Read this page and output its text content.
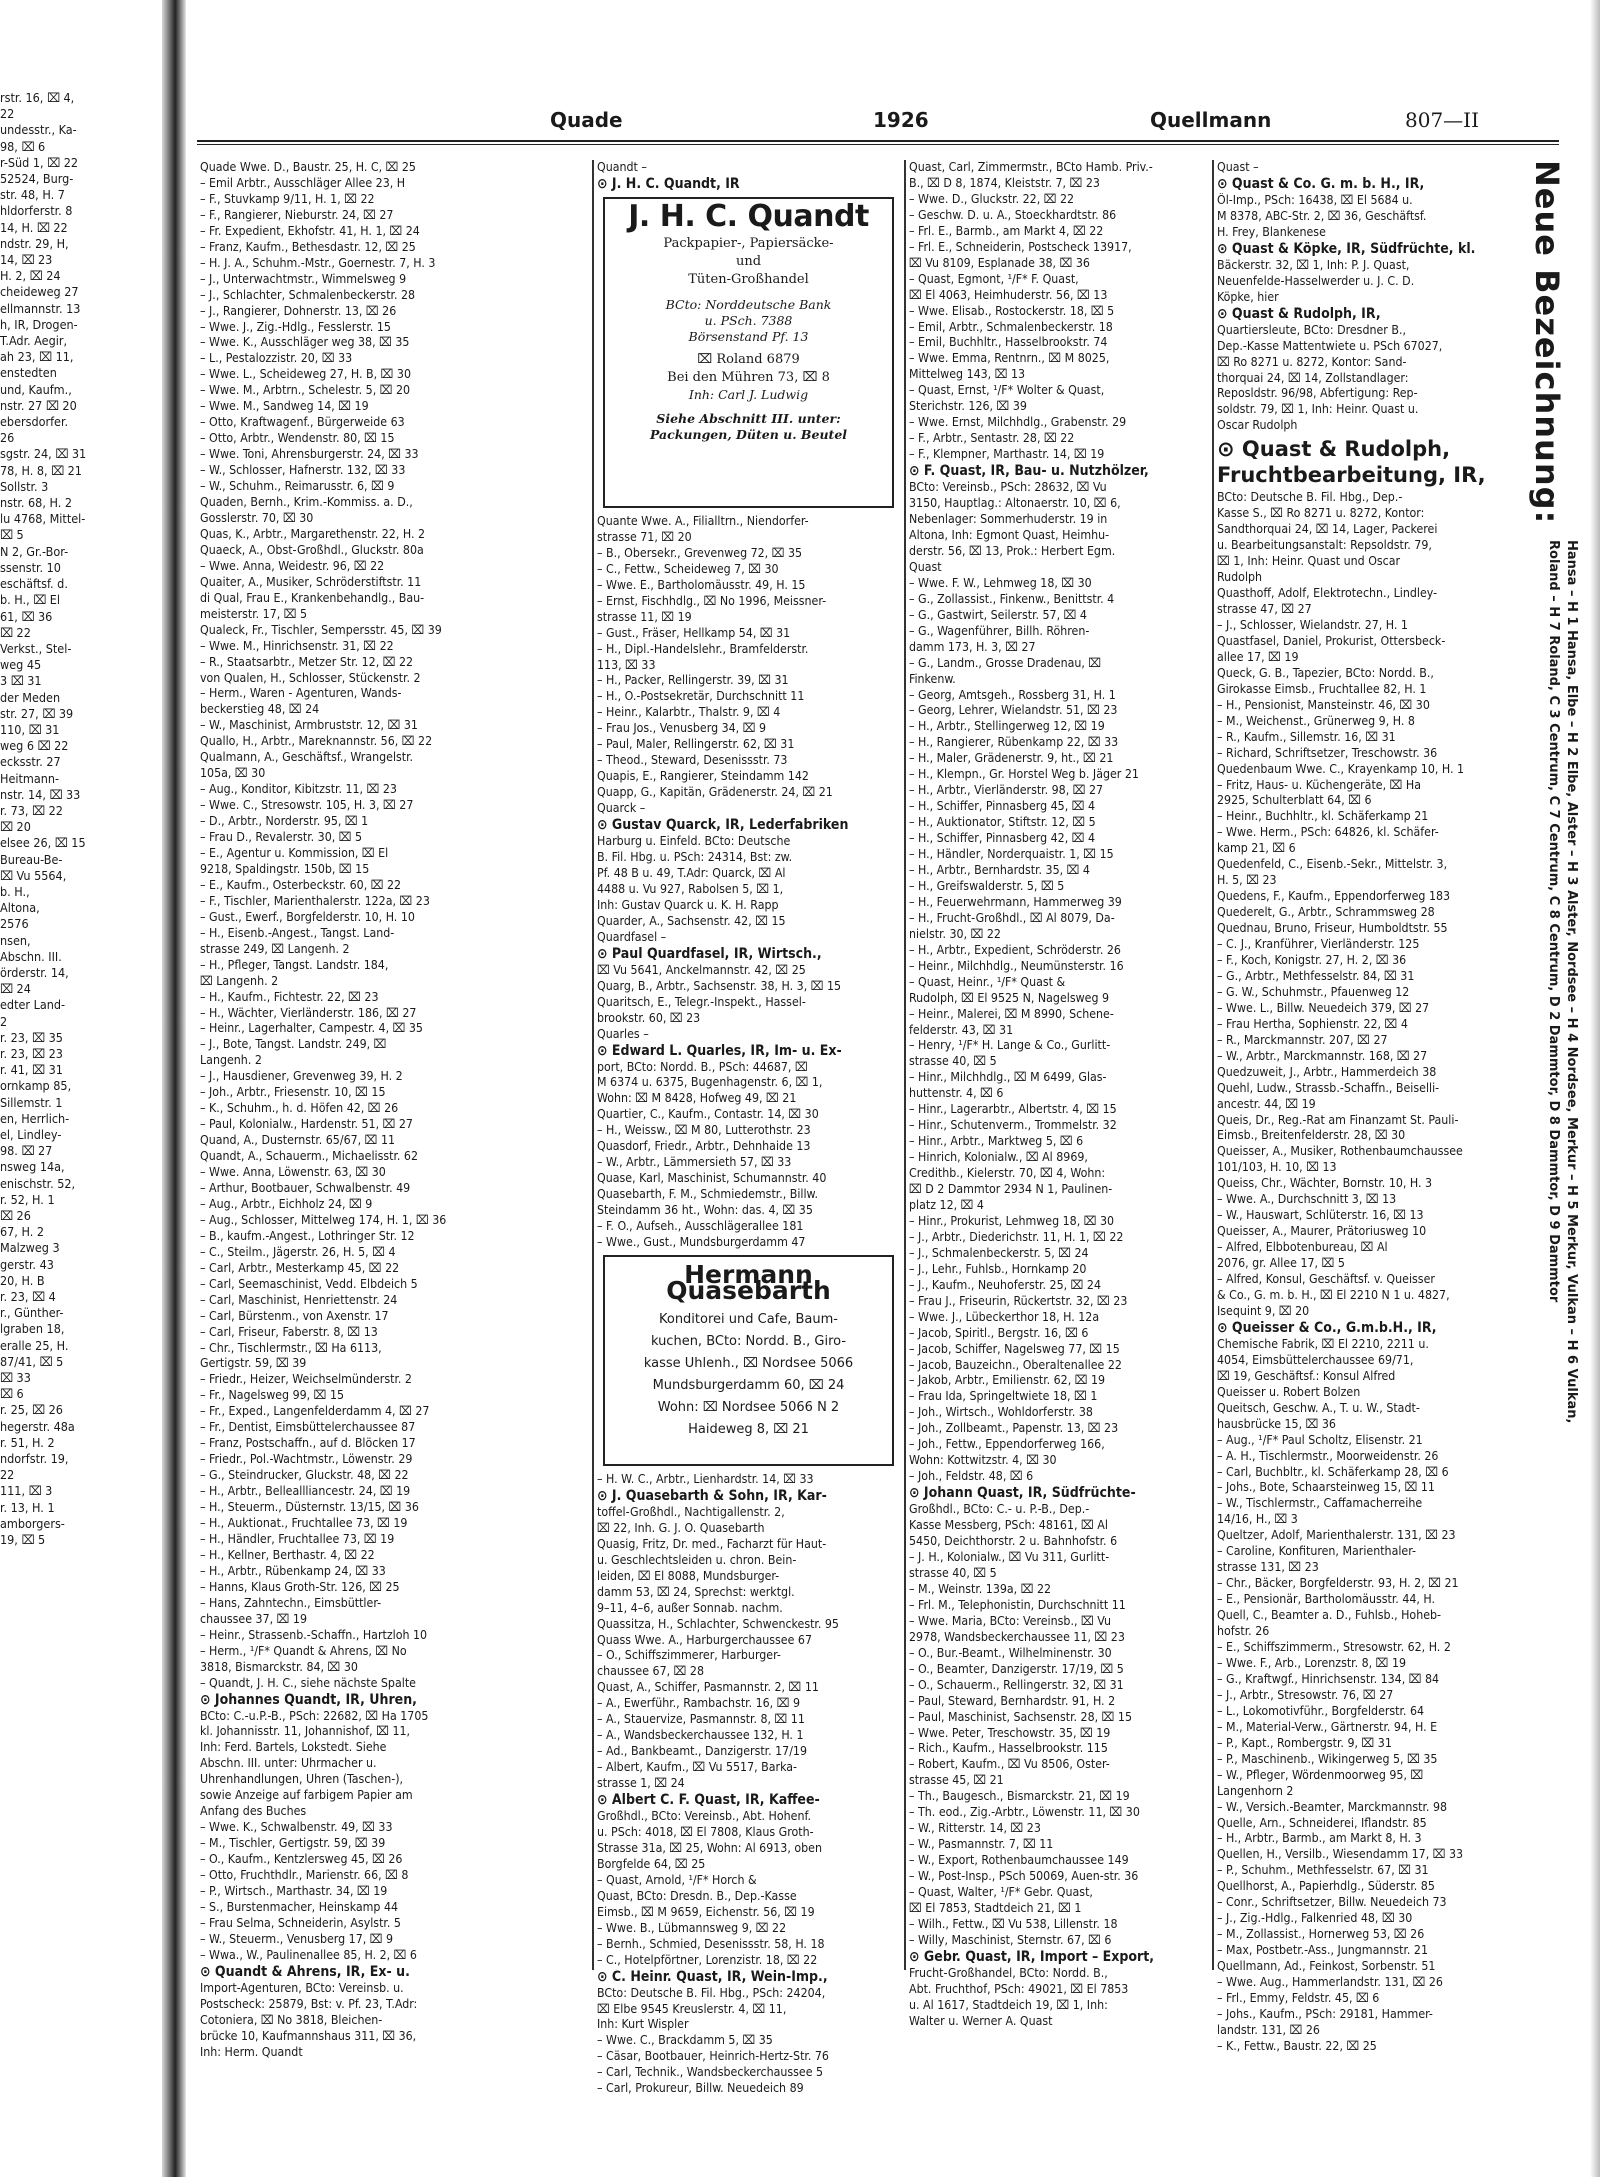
rstr. 16, ⌧ 4,
22
undesstr., Ka-
98, ⌧ 6
r-Süd 1, ⌧ 22
52524, Burg-
str. 48, H. 7
hldorferstr. 8
14, H. ⌧ 22
ndstr. 29, H,
14, ⌧ 23
H. 2, ⌧ 24
cheideweg 27
ellmannstr. 13
h, IR, Drogen-
T.Adr. Aegir,
ah 23, ⌧ 11,
enstedten
und, Kaufm.,
nstr. 27 ⌧ 20
ebersdorfer.
26
sgstr. 24, ⌧ 31
78, H. 8, ⌧ 21
Sollstr. 3
nstr. 68, H. 2
lu 4768, Mittel-
⌧ 5
N 2, Gr.-Bor-
ssenstr. 10
eschäftsf. d.
b. H., ⌧ El
61, ⌧ 36
⌧ 22
Verkst., Stel-
weg 45
3 ⌧ 31
der Meden
str. 27, ⌧ 39
110, ⌧ 31
weg 6 ⌧ 22
ecksstr. 27
Heitmann-
nstr. 14, ⌧ 33
r. 73, ⌧ 22
⌧ 20
elsee 26, ⌧ 15
Bureau-Be-
⌧ Vu 5564,
b. H.,
Altona,
2576
nsen,
Abschn. III.
örderstr. 14,
⌧ 24
edter Land-
2
r. 23, ⌧ 35
r. 23, ⌧ 23
r. 41, ⌧ 31
ornkamp 85,
Sillemstr. 1
en, Herrlich-
el, Lindley-
98. ⌧ 27
nsweg 14a,
enischstr. 52,
r. 52, H. 1
⌧ 26
67, H. 2
Malzweg 3
gerstr. 43
20, H. B
r. 23, ⌧ 4
r., Günther-
lgraben 18,
eralle 25, H.
87/41, ⌧ 5
⌧ 33
⌧ 6
r. 25, ⌧ 26
hegerstr. 48a
r. 51, H. 2
ndorfstr. 19,
22
111, ⌧ 3
r. 13, H. 1
amborgers-
19, ⌧ 5
Quade	1926	Quellmann	807—II
Quade Wwe. D., Baustr. 25, H. C, ⌧ 25
– Emil Arbtr., Ausschläger Allee 23, H
– F., Stuvkamp 9/11, H. 1, ⌧ 22
– F., Rangierer, Nieburstr. 24, ⌧ 27
– Fr. Expedient, Ekhofstr. 41, H. 1, ⌧ 24
– Franz, Kaufm., Bethesdastr. 12, ⌧ 25
– H. J. A., Schuhm.-Mstr., Goernestr. 7, H. 3
– J., Unterwachtmstr., Wimmelsweg 9
– J., Schlachter, Schmalenbeckerstr. 28
– J., Rangierer, Dohnerstr. 13, ⌧ 26
– Wwe. J., Zig.-Hdlg., Fesslerstr. 15
– Wwe. K., Ausschläger weg 38, ⌧ 35
– L., Pestalozzistr. 20, ⌧ 33
– Wwe. L., Scheideweg 27, H. B, ⌧ 30
– Wwe. M., Arbtrn., Schelestr. 5, ⌧ 20
– Wwe. M., Sandweg 14, ⌧ 19
– Otto, Kraftwagenf., Bürgerweide 63
– Otto, Arbtr., Wendenstr. 80, ⌧ 15
– Wwe. Toni, Ahrensburgerstr. 24, ⌧ 33
– W., Schlosser, Hafnerstr. 132, ⌧ 33
– W., Schuhm., Reimarusstr. 6, ⌧ 9
Quaden, Bernh., Krim.-Kommiss. a. D.,
Gosslerstr. 70, ⌧ 30
Quas, K., Arbtr., Margarethenstr. 22, H. 2
Quaeck, A., Obst-Großhdl., Gluckstr. 80a
– Wwe. Anna, Weidestr. 96, ⌧ 22
Quaiter, A., Musiker, Schröderstiftstr. 11
di Qual, Frau E., Krankenbehandlg., Bau-
meisterstr. 17, ⌧ 5
Qualeck, Fr., Tischler, Sempersstr. 45, ⌧ 39
– Wwe. M., Hinrichsenstr. 31, ⌧ 22
– R., Staatsarbtr., Metzer Str. 12, ⌧ 22
von Qualen, H., Schlosser, Stückenstr. 2
– Herm., Waren - Agenturen, Wands-
beckerstieg 48, ⌧ 24
– W., Maschinist, Armbruststr. 12, ⌧ 31
Quallo, H., Arbtr., Mareknannstr. 56, ⌧ 22
Qualmann, A., Geschäftsf., Wrangelstr.
105a, ⌧ 30
– Aug., Konditor, Kibitzstr. 11, ⌧ 23
– Wwe. C., Stresowstr. 105, H. 3, ⌧ 27
– D., Arbtr., Norderstr. 95, ⌧ 1
– Frau D., Revalerstr. 30, ⌧ 5
– E., Agentur u. Kommission, ⌧ El
9218, Spaldingstr. 150b, ⌧ 15
– E., Kaufm., Osterbeckstr. 60, ⌧ 22
– F., Tischler, Marienthalerstr. 122a, ⌧ 23
– Gust., Ewerf., Borgfelderstr. 10, H. 10
– H., Eisenb.-Angest., Tangst. Land-
strasse 249, ⌧ Langenh. 2
– H., Pfleger, Tangst. Landstr. 184,
⌧ Langenh. 2
– H., Kaufm., Fichtestr. 22, ⌧ 23
– H., Wächter, Vierländerstr. 186, ⌧ 27
– Heinr., Lagerhalter, Campestr. 4, ⌧ 35
– J., Bote, Tangst. Landstr. 249, ⌧
Langenh. 2
– J., Hausdiener, Grevenweg 39, H. 2
– Joh., Arbtr., Friesenstr. 10, ⌧ 15
– K., Schuhm., h. d. Höfen 42, ⌧ 26
– Paul, Kolonialw., Hardenstr. 51, ⌧ 27
Quand, A., Dusternstr. 65/67, ⌧ 11
Quandt, A., Schauerm., Michaelisstr. 62
– Wwe. Anna, Löwenstr. 63, ⌧ 30
– Arthur, Bootbauer, Schwalbenstr. 49
– Aug., Arbtr., Eichholz 24, ⌧ 9
– Aug., Schlosser, Mittelweg 174, H. 1, ⌧ 36
– B., kaufm.-Angest., Lothringer Str. 12
– C., Steilm., Jägerstr. 26, H. 5, ⌧ 4
– Carl, Arbtr., Mesterkamp 45, ⌧ 22
– Carl, Seemaschinist, Vedd. Elbdeich 5
– Carl, Maschinist, Henriettenstr. 24
– Carl, Bürstenm., von Axenstr. 17
– Carl, Friseur, Faberstr. 8, ⌧ 13
– Chr., Tischlermstr., ⌧ Ha 6113,
Gertigstr. 59, ⌧ 39
– Friedr., Heizer, Weichselmünderstr. 2
– Fr., Nagelsweg 99, ⌧ 15
– Fr., Exped., Langenfelderdamm 4, ⌧ 27
– Fr., Dentist, Eimsbüttelerchaussee 87
– Franz, Postschaffn., auf d. Blöcken 17
– Friedr., Pol.-Wachtmstr., Löwenstr. 29
– G., Steindrucker, Gluckstr. 48, ⌧ 22
– H., Arbtr., Belleallliancestr. 24, ⌧ 19
– H., Steuerm., Düsternstr. 13/15, ⌧ 36
– H., Auktionat., Fruchtallee 73, ⌧ 19
– H., Händler, Fruchtallee 73, ⌧ 19
– H., Kellner, Berthastr. 4, ⌧ 22
– H., Arbtr., Rübenkamp 24, ⌧ 33
– Hanns, Klaus Groth-Str. 126, ⌧ 25
– Hans, Zahntechn., Eimsbüttler-
chaussee 37, ⌧ 19
– Heinr., Strassenb.-Schaffn., Hartzloh 10
– Herm., ¹/F* Quandt & Ahrens, ⌧ No
3818, Bismarckstr. 84, ⌧ 30
– Quandt, J. H. C., siehe nächste Spalte
⊙ Johannes Quandt, IR, Uhren,
BCto: C.-u.P.-B., PSch: 22682, ⌧ Ha 1705
kl. Johannisstr. 11, Johannishof, ⌧ 11,
Inh: Ferd. Bartels, Lokstedt. Siehe
Abschn. III. unter: Uhrmacher u.
Uhrenhandlungen, Uhren (Taschen-),
sowie Anzeige auf farbigem Papier am
Anfang des Buches
– Wwe. K., Schwalbenstr. 49, ⌧ 33
– M., Tischler, Gertigstr. 59, ⌧ 39
– O., Kaufm., Kentzlersweg 45, ⌧ 26
– Otto, Fruchthdlr., Marienstr. 66, ⌧ 8
– P., Wirtsch., Marthastr. 34, ⌧ 19
– S., Burstenmacher, Heinskamp 44
– Frau Selma, Schneiderin, Asylstr. 5
– W., Steuerm., Venusberg 17, ⌧ 9
– Wwa., W., Paulinenallee 85, H. 2, ⌧ 6
⊙ Quandt & Ahrens, IR, Ex- u.
Import-Agenturen, BCto: Vereinsb. u.
Postscheck: 25879, Bst: v. Pf. 23, T.Adr:
Cotoniera, ⌧ No 3818, Bleichen-
brücke 10, Kaufmannshaus 311, ⌧ 36,
Inh: Herm. Quandt
Quandt –
⊙ J. H. C. Quandt, IR
J. H. C. Quandt
Packpapier-, Papiersäcke-
und
Tüten-Großhandel
BCto: Norddeutsche Bank
u. PSch. 7388
Börsenstand Pf. 13
⌧ Roland 6879
Bei den Mühren 73, ⌧ 8
Inh: Carl J. Ludwig
Siehe Abschnitt III. unter:
Packungen, Düten u. Beutel
Quante Wwe. A., Filialltrn., Niendorfer-
strasse 71, ⌧ 20
– B., Obersekr., Grevenweg 72, ⌧ 35
– C., Fettw., Scheideweg 7, ⌧ 30
– Wwe. E., Bartholomäusstr. 49, H. 15
– Ernst, Fischhdlg., ⌧ No 1996, Meissner-
strasse 11, ⌧ 19
– Gust., Fräser, Hellkamp 54, ⌧ 31
– H., Dipl.-Handelslehr., Bramfelderstr.
113, ⌧ 33
– H., Packer, Rellingerstr. 39, ⌧ 31
– H., O.-Postsekretär, Durchschnitt 11
– Heinr., Kalarbtr., Thalstr. 9, ⌧ 4
– Frau Jos., Venusberg 34, ⌧ 9
– Paul, Maler, Rellingerstr. 62, ⌧ 31
– Theod., Steward, Desenissstr. 73
Quapis, E., Rangierer, Steindamm 142
Quapp, G., Kapitän, Grädenerstr. 24, ⌧ 21
Quarck –
⊙ Gustav Quarck, IR, Lederfabriken
Harburg u. Einfeld. BCto: Deutsche
B. Fil. Hbg. u. PSch: 24314, Bst: zw.
Pf. 48 B u. 49, T.Adr: Quarck, ⌧ Al
4488 u. Vu 927, Rabolsen 5, ⌧ 1,
Inh: Gustav Quarck u. K. H. Rapp
Quarder, A., Sachsenstr. 42, ⌧ 15
Quardfasel –
⊙ Paul Quardfasel, IR, Wirtsch.,
⌧ Vu 5641, Anckelmannstr. 42, ⌧ 25
Quarg, B., Arbtr., Sachsenstr. 38, H. 3, ⌧ 15
Quaritsch, E., Telegr.-Inspekt., Hassel-
brookstr. 60, ⌧ 23
Quarles –
⊙ Edward L. Quarles, IR, Im- u. Ex-
port, BCto: Nordd. B., PSch: 44687, ⌧
M 6374 u. 6375, Bugenhagenstr. 6, ⌧ 1,
Wohn: ⌧ M 8428, Hofweg 49, ⌧ 21
Quartier, C., Kaufm., Contastr. 14, ⌧ 30
– H., Weissw., ⌧ M 80, Lutterothstr. 23
Quasdorf, Friedr., Arbtr., Dehnhaide 13
– W., Arbtr., Lämmersieth 57, ⌧ 33
Quase, Karl, Maschinist, Schumannstr. 40
Quasebarth, F. M., Schmiedemstr., Billw.
Steindamm 36 ht., Wohn: das. 4, ⌧ 35
– F. O., Aufseh., Ausschlägerallee 181
– Wwe., Gust., Mundsburgerdamm 47
Hermann Quasebarth
Konditorei und Cafe, Baum-
kuchen, BCto: Nordd. B., Giro-
kasse Uhlenh., ⌧ Nordsee 5066
Mundsburgerdamm 60, ⌧ 24
Wohn: ⌧ Nordsee 5066 N 2
Haideweg 8, ⌧ 21
– H. W. C., Arbtr., Lienhardstr. 14, ⌧ 33
⊙ J. Quasebarth & Sohn, IR, Kar-
toffel-Großhdl., Nachtigallenstr. 2,
⌧ 22, Inh. G. J. O. Quasebarth
Quasig, Fritz, Dr. med., Facharzt für Haut-
u. Geschlechtsleiden u. chron. Bein-
leiden, ⌧ El 8088, Mundsburger-
damm 53, ⌧ 24, Sprechst: werktgl.
9–11, 4–6, außer Sonnab. nachm.
Quassitza, H., Schlachter, Schwenckestr. 95
Quass Wwe. A., Harburgerchaussee 67
– O., Schiffszimmerer, Harburger-
chaussee 67, ⌧ 28
Quast, A., Schiffer, Pasmannstr. 2, ⌧ 11
– A., Ewerführ., Rambachstr. 16, ⌧ 9
– A., Stauervize, Pasmannstr. 8, ⌧ 11
– A., Wandsbeckerchaussee 132, H. 1
– Ad., Bankbeamt., Danzigerstr. 17/19
– Albert, Kaufm., ⌧ Vu 5517, Barka-
strasse 1, ⌧ 24
⊙ Albert C. F. Quast, IR, Kaffee-
Großhdl., BCto: Vereinsb., Abt. Hohenf.
u. PSch: 4018, ⌧ El 7808, Klaus Groth-
Strasse 31a, ⌧ 25, Wohn: Al 6913, oben
Borgfelde 64, ⌧ 25
– Quast, Arnold, ¹/F* Horch &
Quast, BCto: Dresdn. B., Dep.-Kasse
Eimsb., ⌧ M 9659, Eichenstr. 56, ⌧ 19
– Wwe. B., Lübmannsweg 9, ⌧ 22
– Bernh., Schmied, Desenissstr. 58, H. 18
– C., Hotelpförtner, Lorenzistr. 18, ⌧ 22
⊙ C. Heinr. Quast, IR, Wein-Imp.,
BCto: Deutsche B. Fil. Hbg., PSch: 24204,
⌧ Elbe 9545 Kreuslerstr. 4, ⌧ 11,
Inh: Kurt Wispler
– Wwe. C., Brackdamm 5, ⌧ 35
– Cäsar, Bootbauer, Heinrich-Hertz-Str. 76
– Carl, Technik., Wandsbeckerchaussee 5
– Carl, Prokureur, Billw. Neuedeich 89
Quast, Carl, Zimmermstr., BCto Hamb. Priv.-
B., ⌧ D 8, 1874, Kleiststr. 7, ⌧ 23
– Wwe. D., Gluckstr. 22, ⌧ 22
– Geschw. D. u. A., Stoeckhardtstr. 86
– Frl. E., Barmb., am Markt 4, ⌧ 22
– Frl. E., Schneiderin, Postscheck 13917,
⌧ Vu 8109, Esplanade 38, ⌧ 36
– Quast, Egmont, ¹/F* F. Quast,
⌧ El 4063, Heimhuderstr. 56, ⌧ 13
– Wwe. Elisab., Rostockerstr. 18, ⌧ 5
– Emil, Arbtr., Schmalenbeckerstr. 18
– Emil, Buchhltr., Hasselbrookstr. 74
– Wwe. Emma, Rentnrn., ⌧ M 8025,
Mittelweg 143, ⌧ 13
– Quast, Ernst, ¹/F* Wolter & Quast,
Sterichstr. 126, ⌧ 39
– Wwe. Ernst, Milchhdlg., Grabenstr. 29
– F., Arbtr., Sentastr. 28, ⌧ 22
– F., Klempner, Marthastr. 14, ⌧ 19
⊙ F. Quast, IR, Bau- u. Nutzhölzer,
BCto: Vereinsb., PSch: 28632, ⌧ Vu
3150, Hauptlag.: Altonaerstr. 10, ⌧ 6,
Nebenlager: Sommerhuderstr. 19 in
Altona, Inh: Egmont Quast, Heimhu-
derstr. 56, ⌧ 13, Prok.: Herbert Egm.
Quast
– Wwe. F. W., Lehmweg 18, ⌧ 30
– G., Zollassist., Finkenw., Benittstr. 4
– G., Gastwirt, Seilerstr. 57, ⌧ 4
– G., Wagenführer, Billh. Röhren-
damm 173, H. 3, ⌧ 27
– G., Landm., Grosse Dradenau, ⌧
Finkenw.
– Georg, Amtsgeh., Rossberg 31, H. 1
– Georg, Lehrer, Wielandstr. 51, ⌧ 23
– H., Arbtr., Stellingerweg 12, ⌧ 19
– H., Rangierer, Rübenkamp 22, ⌧ 33
– H., Maler, Grädenerstr. 9, ht., ⌧ 21
– H., Klempn., Gr. Horstel Weg b. Jäger 21
– H., Arbtr., Vierländerstr. 98, ⌧ 27
– H., Schiffer, Pinnasberg 45, ⌧ 4
– H., Auktionator, Stiftstr. 12, ⌧ 5
– H., Schiffer, Pinnasberg 42, ⌧ 4
– H., Händler, Norderquaistr. 1, ⌧ 15
– H., Arbtr., Bernhardstr. 35, ⌧ 4
– H., Greifswalderstr. 5, ⌧ 5
– H., Feuerwehrmann, Hammerweg 39
– H., Frucht-Großhdl., ⌧ Al 8079, Da-
nielstr. 30, ⌧ 22
– H., Arbtr., Expedient, Schröderstr. 26
– Heinr., Milchhdlg., Neumünsterstr. 16
– Quast, Heinr., ¹/F* Quast &
Rudolph, ⌧ El 9525 N, Nagelsweg 9
– Heinr., Malerei, ⌧ M 8990, Schene-
felderstr. 43, ⌧ 31
– Henry, ¹/F* H. Lange & Co., Gurlitt-
strasse 40, ⌧ 5
– Hinr., Milchhdlg., ⌧ M 6499, Glas-
huttenstr. 4, ⌧ 6
– Hinr., Lagerarbtr., Albertstr. 4, ⌧ 15
– Hinr., Schutenverm., Trommelstr. 32
– Hinr., Arbtr., Marktweg 5, ⌧ 6
– Hinrich, Kolonialw., ⌧ Al 8969,
Credithb., Kielerstr. 70, ⌧ 4, Wohn:
⌧ D 2 Dammtor 2934 N 1, Paulinen-
platz 12, ⌧ 4
– Hinr., Prokurist, Lehmweg 18, ⌧ 30
– J., Arbtr., Diederichstr. 11, H. 1, ⌧ 22
– J., Schmalenbeckerstr. 5, ⌧ 24
– J., Lehr., Fuhlsb., Hornkamp 20
– J., Kaufm., Neuhoferstr. 25, ⌧ 24
– Frau J., Friseurin, Rückertstr. 32, ⌧ 23
– Wwe. J., Lübeckerthor 18, H. 12a
– Jacob, Spiritl., Bergstr. 16, ⌧ 6
– Jacob, Schiffer, Nagelsweg 77, ⌧ 15
– Jacob, Bauzeichn., Oberaltenallee 22
– Jakob, Arbtr., Emilienstr. 62, ⌧ 19
– Frau Ida, Springeltwiete 18, ⌧ 1
– Joh., Wirtsch., Wohldorferstr. 38
– Joh., Zollbeamt., Papenstr. 13, ⌧ 23
– Joh., Fettw., Eppendorferweg 166,
Wohn: Kottwitzstr. 4, ⌧ 30
– Joh., Feldstr. 48, ⌧ 6
⊙ Johann Quast, IR, Südfrüchte-
Großhdl., BCto: C.- u. P.-B., Dep.-
Kasse Messberg, PSch: 48161, ⌧ Al
5450, Deichthorstr. 2 u. Bahnhofstr. 6
– J. H., Kolonialw., ⌧ Vu 311, Gurlitt-
strasse 40, ⌧ 5
– M., Weinstr. 139a, ⌧ 22
– Frl. M., Telephonistin, Durchschnitt 11
– Wwe. Maria, BCto: Vereinsb., ⌧ Vu
2978, Wandsbeckerchaussee 11, ⌧ 23
– O., Bur.-Beamt., Wilhelminenstr. 30
– O., Beamter, Danzigerstr. 17/19, ⌧ 5
– O., Schauerm., Rellingerstr. 32, ⌧ 31
– Paul, Steward, Bernhardstr. 91, H. 2
– Paul, Maschinist, Sachsenstr. 28, ⌧ 15
– Wwe. Peter, Treschowstr. 35, ⌧ 19
– Rich., Kaufm., Hasselbrookstr. 115
– Robert, Kaufm., ⌧ Vu 8506, Oster-
strasse 45, ⌧ 21
– Th., Baugesch., Bismarckstr. 21, ⌧ 19
– Th. eod., Zig.-Arbtr., Löwenstr. 11, ⌧ 30
– W., Ritterstr. 14, ⌧ 23
– W., Pasmannstr. 7, ⌧ 11
– W., Export, Rothenbaumchaussee 149
– W., Post-Insp., PSch 50069, Auen-str. 36
– Quast, Walter, ¹/F* Gebr. Quast,
⌧ El 7853, Stadtdeich 21, ⌧ 1
– Wilh., Fettw., ⌧ Vu 538, Lillenstr. 18
– Willy, Maschinist, Sternstr. 67, ⌧ 6
⊙ Gebr. Quast, IR, Import – Export,
Frucht-Großhandel, BCto: Nordd. B.,
Abt. Fruchthof, PSch: 49021, ⌧ El 7853
u. Al 1617, Stadtdeich 19, ⌧ 1, Inh:
Walter u. Werner A. Quast
Quast –
⊙ Quast & Co. G. m. b. H., IR,
Öl-Imp., PSch: 16438, ⌧ El 5684 u.
M 8378, ABC-Str. 2, ⌧ 36, Geschäftsf.
H. Frey, Blankenese
⊙ Quast & Köpke, IR, Südfrüchte, kl.
Bäckerstr. 32, ⌧ 1, Inh: P. J. Quast,
Neuenfelde-Hasselwerder u. J. C. D.
Köpke, hier
⊙ Quast & Rudolph, IR,
Quartiersleute, BCto: Dresdner B.,
Dep.-Kasse Mattentwiete u. PSch 67027,
⌧ Ro 8271 u. 8272, Kontor: Sand-
thorquai 24, ⌧ 14, Zollstandlager:
Reposldstr. 96/98, Abfertigung: Rep-
soldstr. 79, ⌧ 1, Inh: Heinr. Quast u.
Oscar Rudolph
⊙ Quast & Rudolph, Fruchtbearbeitung, IR,
BCto: Deutsche B. Fil. Hbg., Dep.-
Kasse S., ⌧ Ro 8271 u. 8272, Kontor:
Sandthorquai 24, ⌧ 14, Lager, Packerei
u. Bearbeitungsanstalt: Repsoldstr. 79,
⌧ 1, Inh: Heinr. Quast und Oscar
Rudolph
Quasthoff, Adolf, Elektrotechn., Lindley-
strasse 47, ⌧ 27
– J., Schlosser, Wielandstr. 27, H. 1
Quastfasel, Daniel, Prokurist, Ottersbeck-
allee 17, ⌧ 19
Queck, G. B., Tapezier, BCto: Nordd. B.,
Girokasse Eimsb., Fruchtallee 82, H. 1
– H., Pensionist, Mansteinstr. 46, ⌧ 30
– M., Weichenst., Grünerweg 9, H. 8
– R., Kaufm., Sillemstr. 16, ⌧ 31
– Richard, Schriftsetzer, Treschowstr. 36
Quedenbaum Wwe. C., Krayenkamp 10, H. 1
– Fritz, Haus- u. Küchengeräte, ⌧ Ha
2925, Schulterblatt 64, ⌧ 6
– Heinr., Buchhltr., kl. Schäferkamp 21
– Wwe. Herm., PSch: 64826, kl. Schäfer-
kamp 21, ⌧ 6
Quedenfeld, C., Eisenb.-Sekr., Mittelstr. 3,
H. 5, ⌧ 23
Quedens, F., Kaufm., Eppendorferweg 183
Quederelt, G., Arbtr., Schrammsweg 28
Quednau, Bruno, Friseur, Humboldtstr. 55
– C. J., Kranführer, Vierländerstr. 125
– F., Koch, Konigstr. 27, H. 2, ⌧ 36
– G., Arbtr., Methfesselstr. 84, ⌧ 31
– G. W., Schuhmstr., Pfauenweg 12
– Wwe. L., Billw. Neuedeich 379, ⌧ 27
– Frau Hertha, Sophienstr. 22, ⌧ 4
– R., Marckmannstr. 207, ⌧ 27
– W., Arbtr., Marckmannstr. 168, ⌧ 27
Quedzuweit, J., Arbtr., Hammerdeich 38
Quehl, Ludw., Strassb.-Schaffn., Beiselli-
ancestr. 44, ⌧ 19
Queis, Dr., Reg.-Rat am Finanzamt St. Pauli-
Eimsb., Breitenfelderstr. 28, ⌧ 30
Queisser, A., Musiker, Rothenbaumchaussee
101/103, H. 10, ⌧ 13
Queiss, Chr., Wächter, Bornstr. 10, H. 3
– Wwe. A., Durchschnitt 3, ⌧ 13
– W., Hauswart, Schlüterstr. 16, ⌧ 13
Queisser, A., Maurer, Prätoriusweg 10
– Alfred, Elbbotenbureau, ⌧ Al
2076, gr. Allee 17, ⌧ 5
– Alfred, Konsul, Geschäftsf. v. Queisser
& Co., G. m. b. H., ⌧ El 2210 N 1 u. 4827,
Isequint 9, ⌧ 20
⊙ Queisser & Co., G.m.b.H., IR,
Chemische Fabrik, ⌧ El 2210, 2211 u.
4054, Eimsbüttelerchaussee 69/71,
⌧ 19, Geschäftsf.: Konsul Alfred
Queisser u. Robert Bolzen
Queitsch, Geschw. A., T. u. W., Stadt-
hausbrücke 15, ⌧ 36
– Aug., ¹/F* Paul Scholtz, Elisenstr. 21
– A. H., Tischlermstr., Moorweidenstr. 26
– Carl, Buchbltr., kl. Schäferkamp 28, ⌧ 6
– Johs., Bote, Schaarsteinweg 15, ⌧ 11
– W., Tischlermstr., Caffamacherreihe
14/16, H., ⌧ 3
Queltzer, Adolf, Marienthalerstr. 131, ⌧ 23
– Caroline, Konfituren, Marienthaler-
strasse 131, ⌧ 23
– Chr., Bäcker, Borgfelderstr. 93, H. 2, ⌧ 21
– E., Pensionär, Bartholomäusstr. 44, H.
Quell, C., Beamter a. D., Fuhlsb., Hoheb-
hofstr. 26
– E., Schiffszimmerm., Stresowstr. 62, H. 2
– Wwe. F., Arb., Lorenzstr. 8, ⌧ 19
– G., Kraftwgf., Hinrichsenstr. 134, ⌧ 84
– J., Arbtr., Stresowstr. 76, ⌧ 27
– L., Lokomotivführ., Borgfelderstr. 64
– M., Material-Verw., Gärtnerstr. 94, H. E
– P., Kapt., Rombergstr. 9, ⌧ 31
– P., Maschinenb., Wikingerweg 5, ⌧ 35
– W., Pfleger, Wördenmoorweg 95, ⌧
Langenhorn 2
– W., Versich.-Beamter, Marckmannstr. 98
Quelle, Arn., Schneiderei, Iflandstr. 85
– H., Arbtr., Barmb., am Markt 8, H. 3
Quellen, H., Versilb., Wiesendamm 17, ⌧ 33
– P., Schuhm., Methfesselstr. 67, ⌧ 31
Quellhorst, A., Papierhdlg., Süderstr. 85
– Conr., Schriftsetzer, Billw. Neuedeich 73
– J., Zig.-Hdlg., Falkenried 48, ⌧ 30
– M., Zollassist., Hornerweg 53, ⌧ 26
– Max, Postbetr.-Ass., Jungmannstr. 21
Quellmann, Ad., Feinkost, Sorbenstr. 51
– Wwe. Aug., Hammerlandstr. 131, ⌧ 26
– Frl., Emmy, Feldstr. 45, ⌧ 6
– Johs., Kaufm., PSch: 29181, Hammer-
landstr. 131, ⌧ 26
– K., Fettw., Baustr. 22, ⌧ 25
Neue Bezeichnung:
Hansa – H 1 Hansa, Elbe – H 2 Elbe, Alster – H 3 Alster, Nordsee – H 4 Nordsee, Merkur – H 5 Merkur, Vulkan – H 6 Vulkan,
Roland – H 7 Roland, C 3 Centrum, C 7 Centrum, C 8 Centrum, D 2 Dammtor, D 8 Dammtor, D 9 Dammtor
